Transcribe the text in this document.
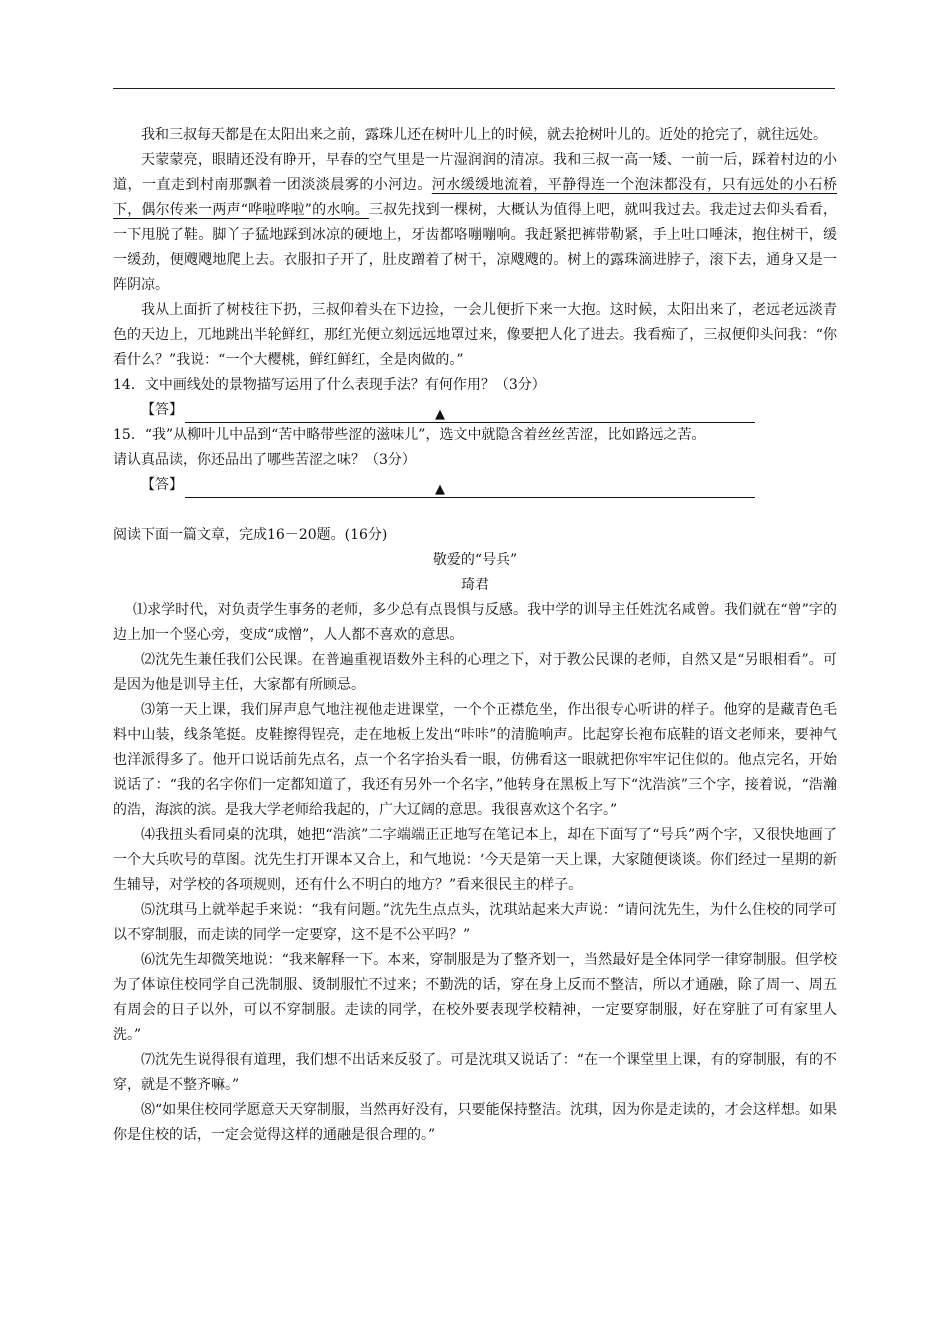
我和三叔每天都是在太阳出来之前，露珠儿还在树叶儿上的时候，就去抢树叶儿的。近处的抢完了，就往远处。

天蒙蒙亮，眼睛还没有睁开，早春的空气里是一片湿润润的清凉。我和三叔一高一矮、一前一后，踩着村边的小道，一直走到村南那飘着一团淡淡晨雾的小河边。河水缓缓地流着，平静得连一个泡沫都没有，只有远处的小石桥下，偶尔传来一两声“哗啦哗啦”的水响。三叔先找到一棵树，大概认为值得上吧，就叫我过去。我走过去仰头看看，一下甩脱了鞋。脚丫子猛地踩到冰凉的硬地上，牙齿都咯嘣嘣响。我赶紧把裤带勒紧，手上吐口唾沫，抱住树干，缓一缓劲，便飕飕地爬上去。衣服扣子开了，肚皮蹭着了树干，凉飕飕的。树上的露珠滴进脖子，滚下去，通身又是一阵阴凉。

我从上面折了树枝往下扔，三叔仰着头在下边捡，一会儿便折下来一大抱。这时候，太阳出来了，老远老远淡青色的天边上，兀地跳出半轮鲜红，那红光便立刻远远地罩过来，像要把人化了进去。我看痴了，三叔便仰头问我：“你看什么？”我说：“一个大樱桃，鲜红鲜红，全是肉做的。”

14．文中画线处的景物描写运用了什么表现手法？有何作用？（3分）

【答】	▲

15．“我”从柳叶儿中品到“苦中略带些涩的滋味儿”，选文中就隐含着丝丝苦涩，比如路远之苦。

请认真品读，你还品出了哪些苦涩之味？（3分）

【答】	▲

阅读下面一篇文章，完成16－20题。(16分)

敬爱的“号兵”

琦君

⑴求学时代，对负责学生事务的老师，多少总有点畏惧与反感。我中学的训导主任姓沈名咸曾。我们就在“曾”字的边上加一个竖心旁，变成“成憎”，人人都不喜欢的意思。

⑵沈先生兼任我们公民课。在普遍重视语数外主科的心理之下，对于教公民课的老师，自然又是“另眼相看”。可是因为他是训导主任，大家都有所顾忌。

⑶第一天上课，我们屏声息气地注视他走进课堂，一个个正襟危坐，作出很专心听讲的样子。他穿的是藏青色毛料中山装，线条笔挺。皮鞋擦得锃亮，走在地板上发出“咔咔”的清脆响声。比起穿长袍布底鞋的语文老师来，要神气也洋派得多了。他开口说话前先点名，点一个名字抬头看一眼，仿佛看这一眼就把你牢牢记住似的。他点完名，开始说话了：“我的名字你们一定都知道了，我还有另外一个名字，”他转身在黑板上写下“沈浩滨”三个字，接着说，“浩瀚的浩，海滨的滨。是我大学老师给我起的，广大辽阔的意思。我很喜欢这个名字。”

⑷我扭头看同桌的沈琪，她把“浩滨”二字端端正正地写在笔记本上，却在下面写了“号兵”两个字，又很快地画了一个大兵吹号的草图。沈先生打开课本又合上，和气地说：‘今天是第一天上课，大家随便谈谈。你们经过一星期的新生辅导，对学校的各项规则，还有什么不明白的地方？”看来很民主的样子。

⑸沈琪马上就举起手来说：“我有问题。”沈先生点点头，沈琪站起来大声说：“请问沈先生，为什么住校的同学可以不穿制服，而走读的同学一定要穿，这不是不公平吗？”

⑹沈先生却微笑地说：“我来解释一下。本来，穿制服是为了整齐划一，当然最好是全体同学一律穿制服。但学校为了体谅住校同学自己洗制服、烫制服忙不过来；不勤洗的话，穿在身上反而不整洁，所以才通融，除了周一、周五有周会的日子以外，可以不穿制服。走读的同学，在校外要表现学校精神，一定要穿制服，好在穿脏了可有家里人洗。”

⑺沈先生说得很有道理，我们想不出话来反驳了。可是沈琪又说话了：“在一个课堂里上课，有的穿制服，有的不穿，就是不整齐嘛。”

⑻“如果住校同学愿意天天穿制服，当然再好没有，只要能保持整洁。沈琪，因为你是走读的，才会这样想。如果你是住校的话，一定会觉得这样的通融是很合理的。”
